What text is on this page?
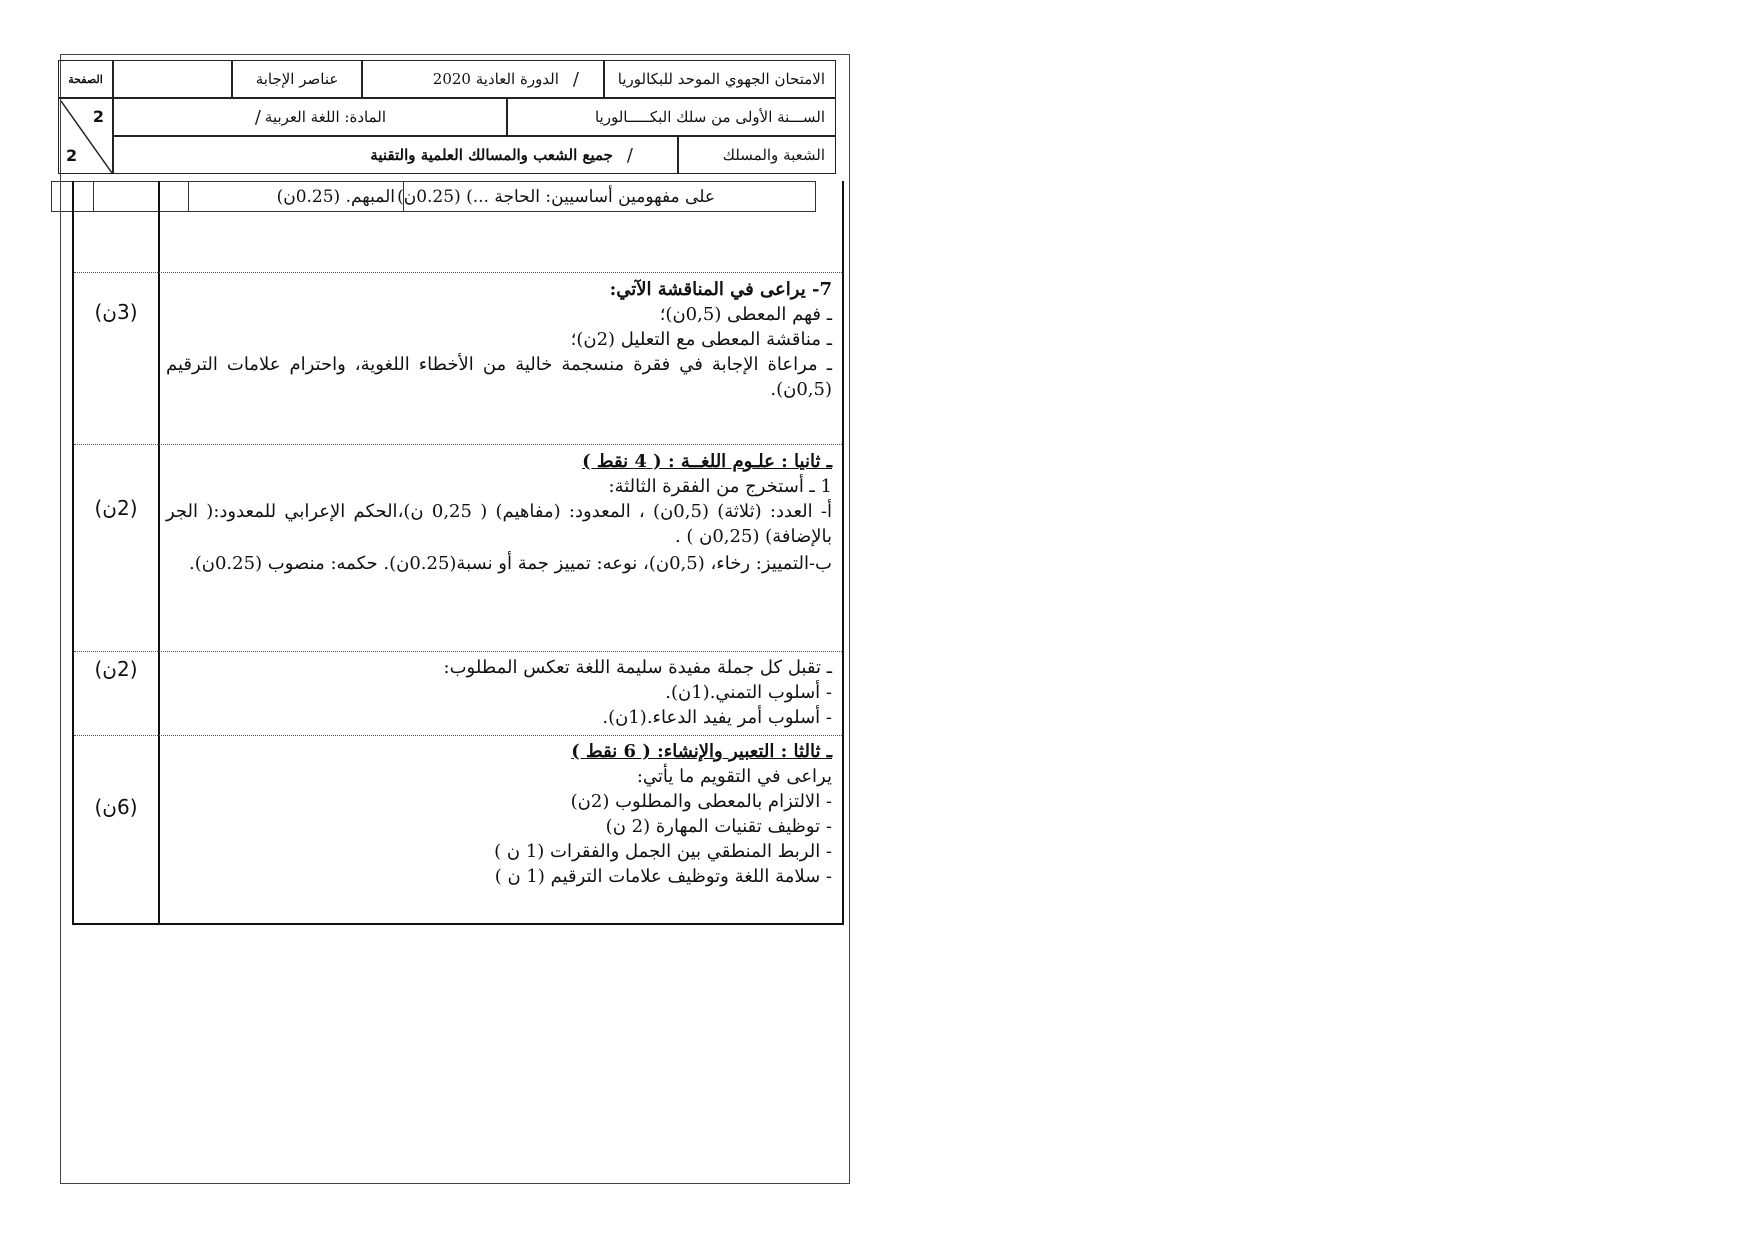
الامتحان الجهوي الموحد للبكالوريا
/
الدورة العادية 2020
عناصر الإجابة
الصفحة
الســـنة الأولى من سلك البكـــــالوريا
المادة: اللغة العربية
/
الشعبة والمسلك
/
جميع الشعب والمسالك العلمية والتقنية
2
2
على مفهومين أساسيين: الحاجة ...) (0.25ن)
المبهم. (0.25ن)
(3ن)
7- يراعى في المناقشة الآتي:
ـ فهم المعطى (0,5ن)؛
ـ مناقشة المعطى مع التعليل (2ن)؛
ـ مراعاة الإجابة في فقرة منسجمة خالية من الأخطاء اللغوية، واحترام علامات الترقيم (0,5ن).
(2ن)
ـ ثانيا : علـوم اللغــة : ( 4 نقط )
1 ـ أستخرج من الفقرة الثالثة:
أ- العدد: (ثلاثة) (0,5ن) ، المعدود: (مفاهيم) ( 0,25 ن)،الحكم الإعرابي للمعدود:( الجر بالإضافة) (0,25ن ) .
ب-التمييز: رخاء، (0,5ن)، نوعه: تمييز جمة أو نسبة(0.25ن). حكمه: منصوب (0.25ن).
(2ن)	ـ تقبل كل جملة مفيدة سليمة اللغة تعكس المطلوب:
- أسلوب التمني.(1ن).
- أسلوب أمر يفيد الدعاء.(1ن).
(6ن)
ـ ثالثا : التعبير والإنشاء: ( 6 نقط )
يراعى في التقويم ما يأتي:
- الالتزام بالمعطى والمطلوب (2ن)
- توظيف تقنيات المهارة (2 ن)
- الربط المنطقي بين الجمل والفقرات (1 ن )
- سلامة اللغة وتوظيف علامات الترقيم (1 ن )
